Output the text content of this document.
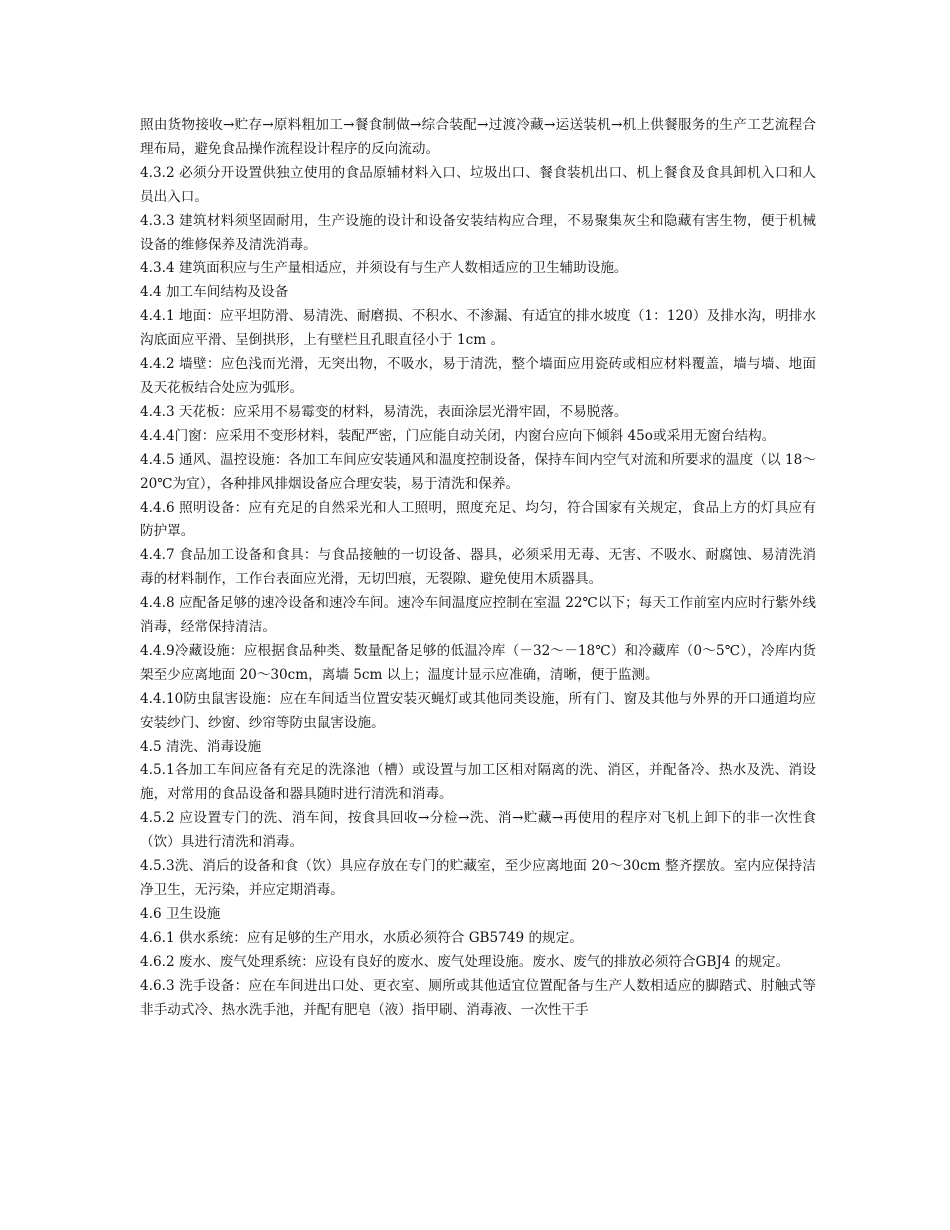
照由货物接收→贮存→原料粗加工→餐食制做→综合装配→过渡冷藏→运送装机→机上供餐服务的生产工艺流程合理布局，避免食品操作流程设计程序的反向流动。

4.3.2 必须分开设置供独立使用的食品原辅材料入口、垃圾出口、餐食装机出口、机上餐食及食具卸机入口和人员出入口。

4.3.3 建筑材料须坚固耐用，生产设施的设计和设备安装结构应合理，不易聚集灰尘和隐藏有害生物，便于机械设备的维修保养及清洗消毒。

4.3.4 建筑面积应与生产量相适应，并须设有与生产人数相适应的卫生辅助设施。

4.4 加工车间结构及设备

4.4.1 地面：应平坦防滑、易清洗、耐磨损、不积水、不渗漏、有适宜的排水坡度（1：120）及排水沟，明排水沟底面应平滑、呈倒拱形，上有壁栏且孔眼直径小于 1cm 。

4.4.2 墙壁：应色浅而光滑，无突出物，不吸水，易于清洗，整个墙面应用瓷砖或相应材料覆盖，墙与墙、地面及天花板结合处应为弧形。

4.4.3 天花板：应采用不易霉变的材料，易清洗，表面涂层光滑牢固，不易脱落。

4.4.4门窗：应采用不变形材料，装配严密，门应能自动关闭，内窗台应向下倾斜 45o或采用无窗台结构。

4.4.5 通风、温控设施：各加工车间应安装通风和温度控制设备，保持车间内空气对流和所要求的温度（以 18～20℃为宜），各种排风排烟设备应合理安装，易于清洗和保养。

4.4.6 照明设备：应有充足的自然采光和人工照明，照度充足、均匀，符合国家有关规定，食品上方的灯具应有防护罩。

4.4.7 食品加工设备和食具：与食品接触的一切设备、器具，必须采用无毒、无害、不吸水、耐腐蚀、易清洗消毒的材料制作，工作台表面应光滑，无切凹痕，无裂隙、避免使用木质器具。

4.4.8 应配备足够的速冷设备和速冷车间。速冷车间温度应控制在室温 22℃以下；每天工作前室内应时行紫外线消毒，经常保持清洁。

4.4.9冷藏设施：应根据食品种类、数量配备足够的低温冷库（－32～－18℃）和冷藏库（0～5℃），冷库内货架至少应离地面 20～30cm，离墙 5cm 以上；温度计显示应准确，清晰，便于监测。

4.4.10防虫鼠害设施：应在车间适当位置安装灭蝇灯或其他同类设施，所有门、窗及其他与外界的开口通道均应安装纱门、纱窗、纱帘等防虫鼠害设施。

4.5 清洗、消毒设施

4.5.1各加工车间应备有充足的洗涤池（槽）或设置与加工区相对隔离的洗、消区，并配备冷、热水及洗、消设施，对常用的食品设备和器具随时进行清洗和消毒。

4.5.2 应设置专门的洗、消车间，按食具回收→分检→洗、消→贮藏→再使用的程序对飞机上卸下的非一次性食（饮）具进行清洗和消毒。

4.5.3洗、消后的设备和食（饮）具应存放在专门的贮藏室，至少应离地面 20～30cm 整齐摆放。室内应保持洁净卫生，无污染，并应定期消毒。

4.6 卫生设施

4.6.1 供水系统：应有足够的生产用水，水质必须符合 GB5749 的规定。

4.6.2 废水、废气处理系统：应设有良好的废水、废气处理设施。废水、废气的排放必须符合GBJ4 的规定。

4.6.3 洗手设备：应在车间进出口处、更衣室、厕所或其他适宜位置配备与生产人数相适应的脚踏式、肘触式等非手动式冷、热水洗手池，并配有肥皂（液）指甲刷、消毒液、一次性干手
